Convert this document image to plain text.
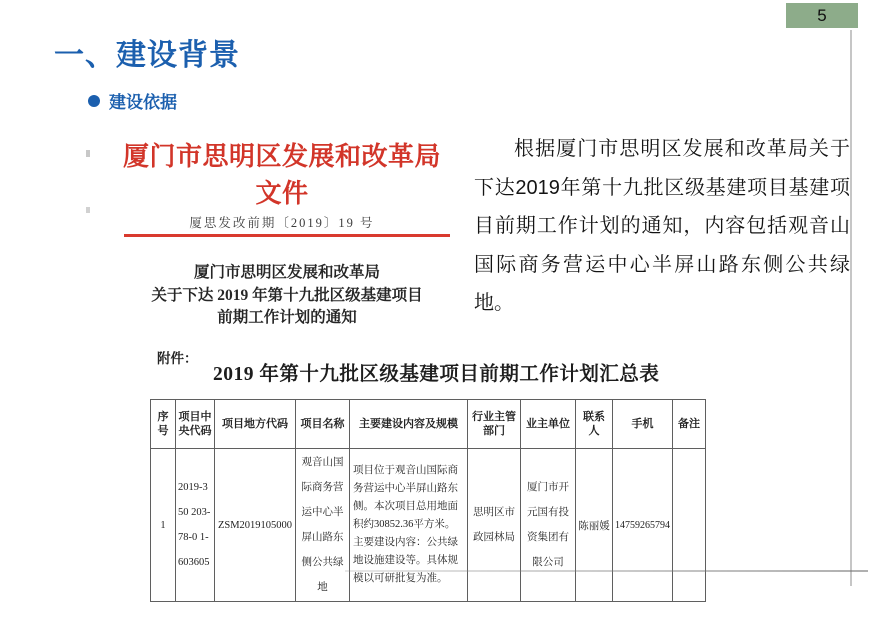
5
一、建设背景
建设依据
厦门市思明区发展和改革局文件
厦思发改前期〔2019〕19 号
厦门市思明区发展和改革局
关于下达 2019 年第十九批区级基建项目
前期工作计划的通知
附件：
2019 年第十九批区级基建项目前期工作计划汇总表
序号	项目中央代码	项目地方代码	项目名称	主要建设内容及规模	行业主管部门	业主单位	联系人	手机	备注
1	2019-350 203-78-0 1-603605	ZSM2019105000	观音山国际商务营运中心半屏山路东侧公共绿地	项目位于观音山国际商务营运中心半屏山路东侧。本次项目总用地面积约30852.36平方米。主要建设内容：公共绿地设施建设等。具体规模以可研批复为准。	思明区市政园林局	厦门市开元国有投资集团有限公司	陈丽媛	14759265794	
根据厦门市思明区发展和改革局关于下达2019年第十九批区级基建项目基建项目前期工作计划的通知，内容包括观音山国际商务营运中心半屏山路东侧公共绿地。
